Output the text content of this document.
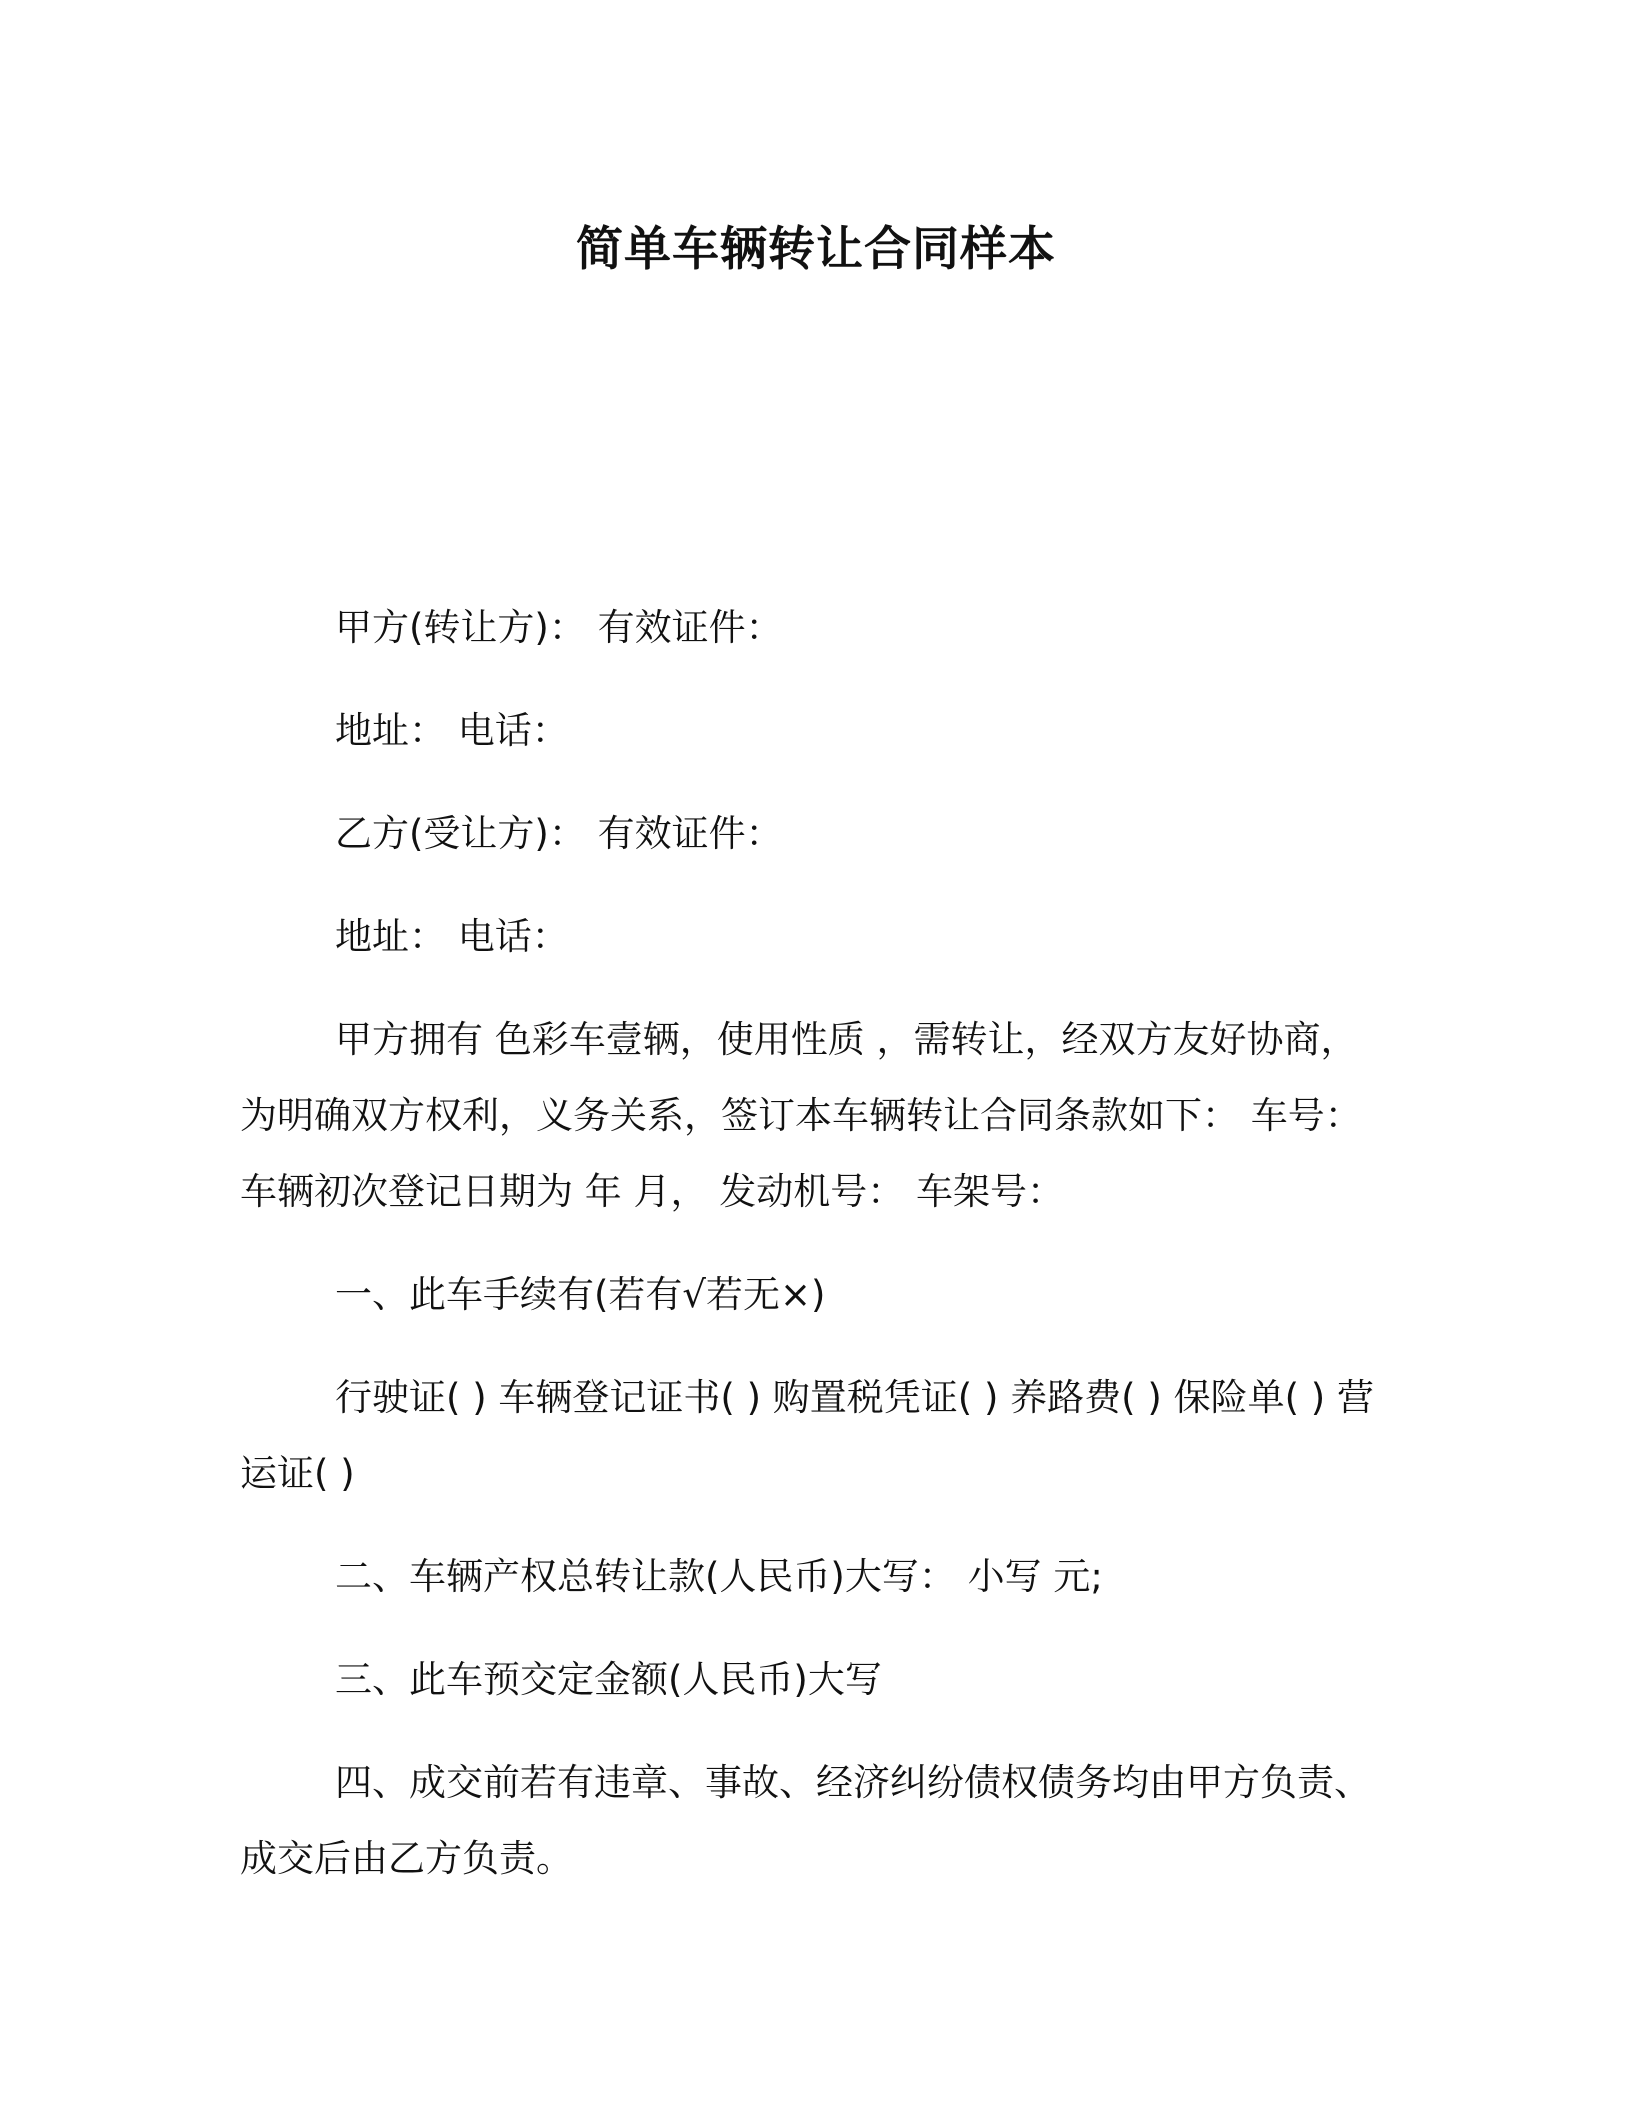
简单车辆转让合同样本

甲方(转让方)： 有效证件：

地址： 电话：

乙方(受让方)： 有效证件：

地址： 电话：

甲方拥有 色彩车壹辆，使用性质 ，需转让，经双方友好协商，为明确双方权利，义务关系，签订本车辆转让合同条款如下： 车号：车辆初次登记日期为 年 月， 发动机号： 车架号：

一、此车手续有(若有√若无×)

行驶证( ) 车辆登记证书( ) 购置税凭证( ) 养路费( ) 保险单( ) 营运证( )

二、车辆产权总转让款(人民币)大写： 小写 元;

三、此车预交定金额(人民币)大写

四、成交前若有违章、事故、经济纠纷债权债务均由甲方负责、成交后由乙方负责。
